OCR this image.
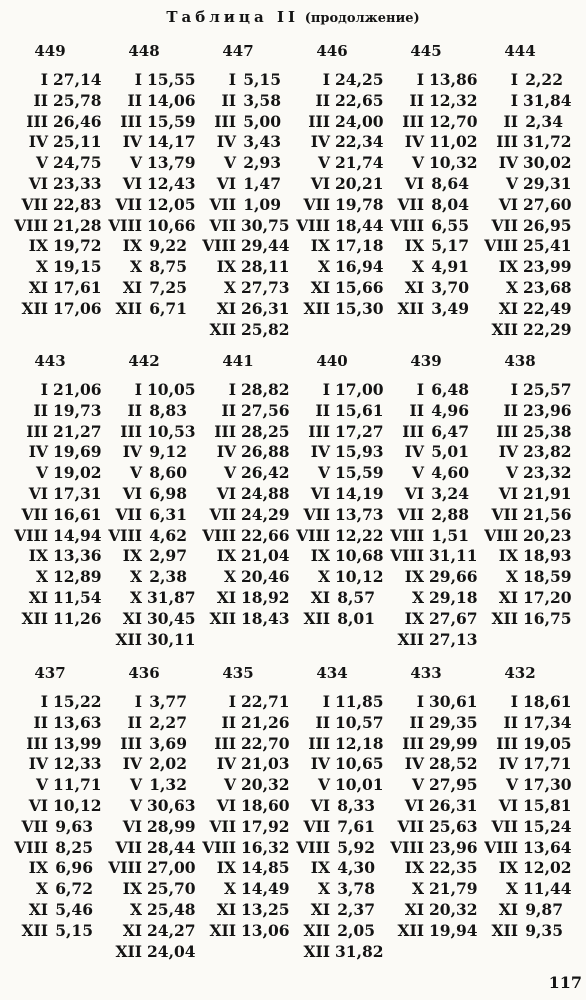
Таблица II (продолжение)
449
I 27,14
II 25,78
III 26,46
IV 25,11
V 24,75
VI 23,33
VII 22,83
VIII 21,28
IX 19,72
X 19,15
XI 17,61
XII 17,06
448
I 15,55
II 14,06
III 15,59
IV 14,17
V 13,79
VI 12,43
VII 12,05
VIII 10,66
IX 9,22
X 8,75
XI 7,25
XII 6,71
447
I 5,15
II 3,58
III 5,00
IV 3,43
V 2,93
VI 1,47
VII 1,09
VII 30,75
VIII 29,44
IX 28,11
X 27,73
XI 26,31
XII 25,82
446
I 24,25
II 22,65
III 24,00
IV 22,34
V 21,74
VI 20,21
VII 19,78
VIII 18,44
IX 17,18
X 16,94
XI 15,66
XII 15,30
445
I 13,86
II 12,32
III 12,70
IV 11,02
V 10,32
VI 8,64
VII 8,04
VIII 6,55
IX 5,17
X 4,91
XI 3,70
XII 3,49
444
I 2,22
I 31,84
II 2,34
III 31,72
IV 30,02
V 29,31
VI 27,60
VII 26,95
VIII 25,41
IX 23,99
X 23,68
XI 22,49
XII 22,29
443
I 21,06
II 19,73
III 21,27
IV 19,69
V 19,02
VI 17,31
VII 16,61
VIII 14,94
IX 13,36
X 12,89
XI 11,54
XII 11,26
442
I 10,05
II 8,83
III 10,53
IV 9,12
V 8,60
VI 6,98
VII 6,31
VIII 4,62
IX 2,97
X 2,38
X 31,87
XI 30,45
XII 30,11
441
I 28,82
II 27,56
III 28,25
IV 26,88
V 26,42
VI 24,88
VII 24,29
VIII 22,66
IX 21,04
X 20,46
XI 18,92
XII 18,43
440
I 17,00
II 15,61
III 17,27
IV 15,93
V 15,59
VI 14,19
VII 13,73
VIII 12,22
IX 10,68
X 10,12
XI 8,57
XII 8,01
439
I 6,48
II 4,96
III 6,47
IV 5,01
V 4,60
VI 3,24
VII 2,88
VIII 1,51
VIII 31,11
IX 29,66
X 29,18
IX 27,67
XII 27,13
438
I 25,57
II 23,96
III 25,38
IV 23,82
V 23,32
VI 21,91
VII 21,56
VIII 20,23
IX 18,93
X 18,59
XI 17,20
XII 16,75
437
I 15,22
II 13,63
III 13,99
IV 12,33
V 11,71
VI 10,12
VII 9,63
VIII 8,25
IX 6,96
X 6,72
XI 5,46
XII 5,15
436
I 3,77
II 2,27
III 3,69
IV 2,02
V 1,32
V 30,63
VI 28,99
VII 28,44
VIII 27,00
IX 25,70
X 25,48
XI 24,27
XII 24,04
435
I 22,71
II 21,26
III 22,70
IV 21,03
V 20,32
VI 18,60
VII 17,92
VIII 16,32
IX 14,85
X 14,49
XI 13,25
XII 13,06
434
I 11,85
II 10,57
III 12,18
IV 10,65
V 10,01
VI 8,33
VII 7,61
VIII 5,92
IX 4,30
X 3,78
XI 2,37
XII 2,05
XII 31,82
433
I 30,61
II 29,35
III 29,99
IV 28,52
V 27,95
VI 26,31
VII 25,63
VIII 23,96
IX 22,35
X 21,79
XI 20,32
XII 19,94
432
I 18,61
II 17,34
III 19,05
IV 17,71
V 17,30
VI 15,81
VII 15,24
VIII 13,64
IX 12,02
X 11,44
XI 9,87
XII 9,35
117
